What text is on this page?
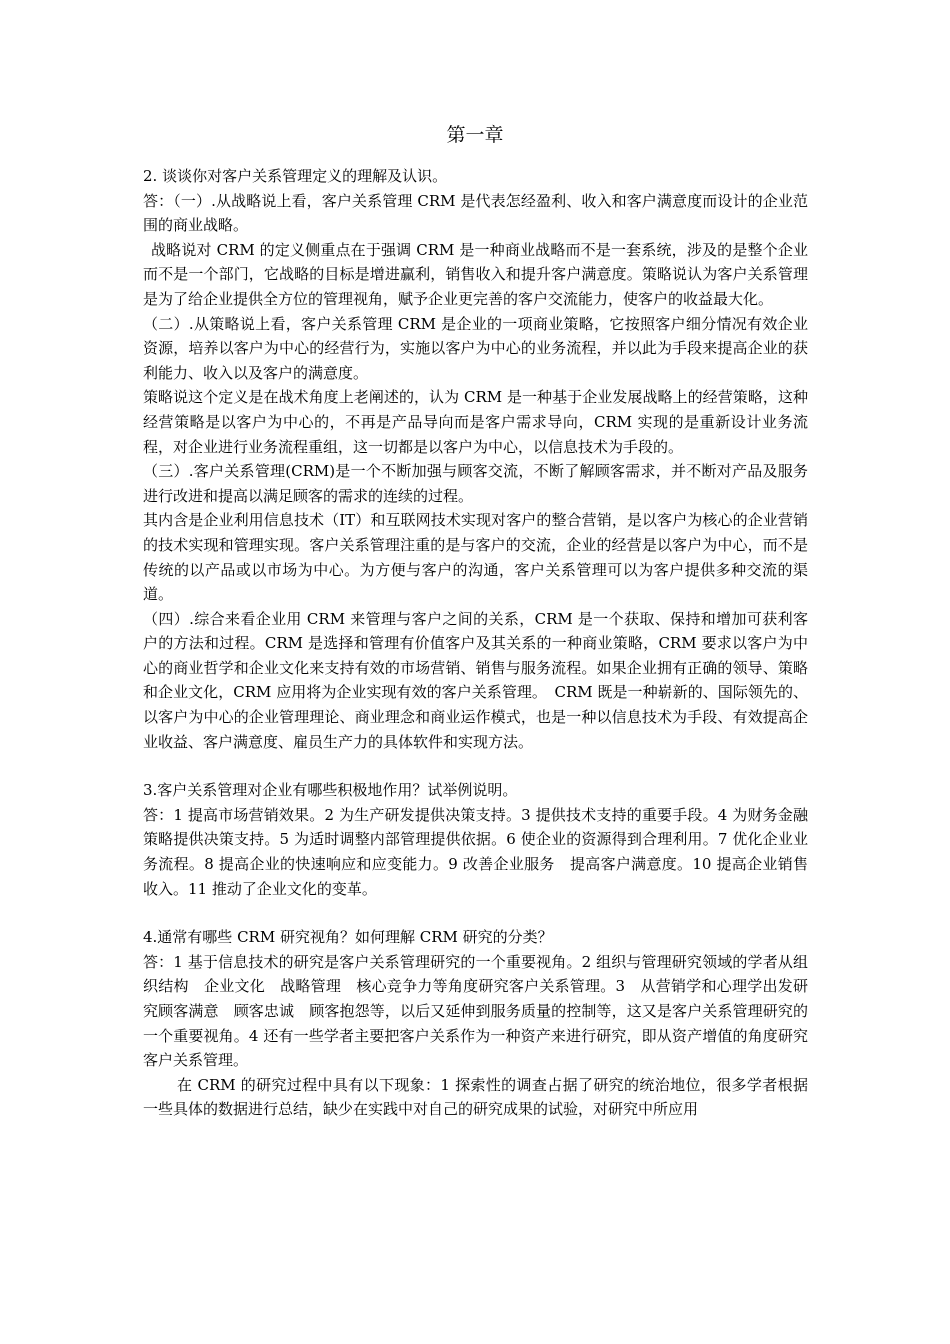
第一章

2. 谈谈你对客户关系管理定义的理解及认识。

答：（一）.从战略说上看，客户关系管理 CRM 是代表怎经盈利、收入和客户满意度而设计的企业范围的商业战略。

战略说对 CRM 的定义侧重点在于强调 CRM 是一种商业战略而不是一套系统，涉及的是整个企业而不是一个部门，它战略的目标是增进赢利，销售收入和提升客户满意度。策略说认为客户关系管理是为了给企业提供全方位的管理视角，赋予企业更完善的客户交流能力，使客户的收益最大化。

（二）.从策略说上看，客户关系管理 CRM 是企业的一项商业策略，它按照客户细分情况有效企业资源，培养以客户为中心的经营行为，实施以客户为中心的业务流程，并以此为手段来提高企业的获利能力、收入以及客户的满意度。

策略说这个定义是在战术角度上老阐述的，认为 CRM 是一种基于企业发展战略上的经营策略，这种经营策略是以客户为中心的，不再是产品导向而是客户需求导向，CRM 实现的是重新设计业务流程，对企业进行业务流程重组，这一切都是以客户为中心，以信息技术为手段的。

（三）.客户关系管理(CRM)是一个不断加强与顾客交流，不断了解顾客需求，并不断对产品及服务进行改进和提高以满足顾客的需求的连续的过程。

其内含是企业利用信息技术（IT）和互联网技术实现对客户的整合营销，是以客户为核心的企业营销的技术实现和管理实现。客户关系管理注重的是与客户的交流，企业的经营是以客户为中心，而不是传统的以产品或以市场为中心。为方便与客户的沟通，客户关系管理可以为客户提供多种交流的渠道。

（四）.综合来看企业用 CRM 来管理与客户之间的关系，CRM 是一个获取、保持和增加可获利客户的方法和过程。CRM 是选择和管理有价值客户及其关系的一种商业策略，CRM 要求以客户为中心的商业哲学和企业文化来支持有效的市场营销、销售与服务流程。如果企业拥有正确的领导、策略和企业文化，CRM 应用将为企业实现有效的客户关系管理。　CRM 既是一种崭新的、国际领先的、以客户为中心的企业管理理论、商业理念和商业运作模式，也是一种以信息技术为手段、有效提高企业收益、客户满意度、雇员生产力的具体软件和实现方法。

3.客户关系管理对企业有哪些积极地作用？试举例说明。

答：1 提高市场营销效果。2 为生产研发提供决策支持。3 提供技术支持的重要手段。4 为财务金融策略提供决策支持。5 为适时调整内部管理提供依据。6 使企业的资源得到合理利用。7 优化企业业务流程。8 提高企业的快速响应和应变能力。9 改善企业服务　提高客户满意度。10 提高企业销售收入。11 推动了企业文化的变革。

4.通常有哪些 CRM 研究视角？如何理解 CRM 研究的分类？

答：1 基于信息技术的研究是客户关系管理研究的一个重要视角。2 组织与管理研究领域的学者从组织结构　企业文化　战略管理　核心竞争力等角度研究客户关系管理。3　从营销学和心理学出发研究顾客满意　顾客忠诚　顾客抱怨等，以后又延伸到服务质量的控制等，这又是客户关系管理研究的一个重要视角。4 还有一些学者主要把客户关系作为一种资产来进行研究，即从资产增值的角度研究客户关系管理。

在 CRM 的研究过程中具有以下现象：1 探索性的调查占据了研究的统治地位，很多学者根据一些具体的数据进行总结，缺少在实践中对自己的研究成果的试验，对研究中所应用
